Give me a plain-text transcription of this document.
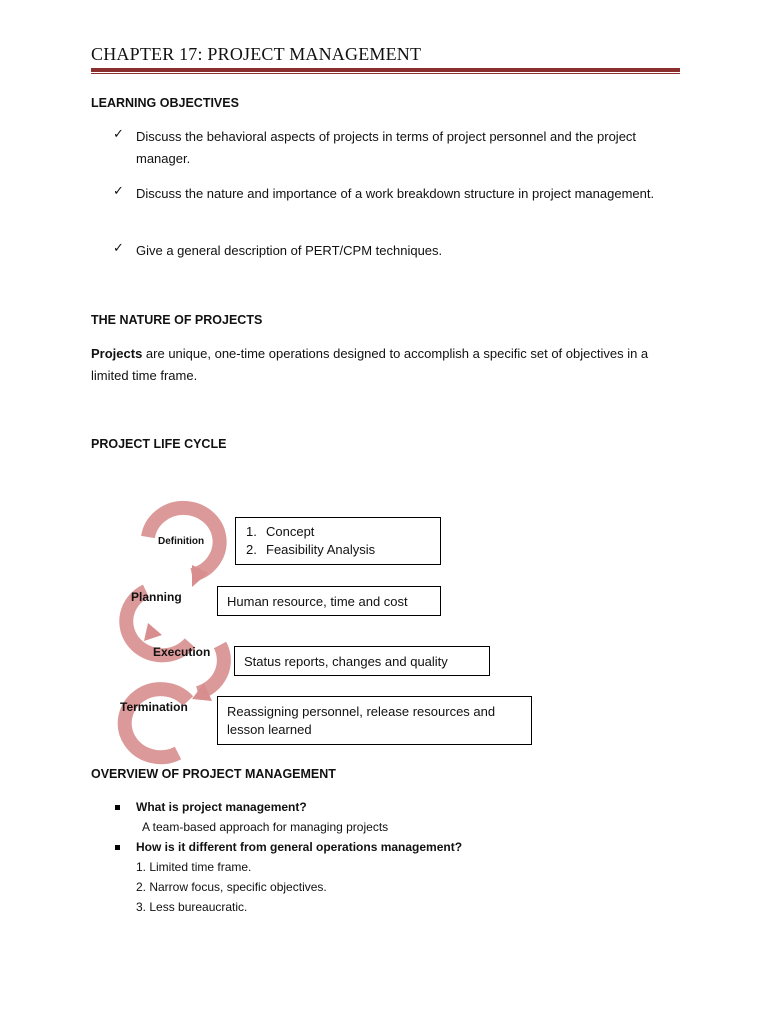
CHAPTER 17: PROJECT MANAGEMENT
LEARNING OBJECTIVES
✓ Discuss the behavioral aspects of projects in terms of project personnel and the project manager.
✓ Discuss the nature and importance of a work breakdown structure in project management.
✓ Give a general description of PERT/CPM techniques.
THE NATURE OF PROJECTS
Projects are unique, one-time operations designed to accomplish a specific set of objectives in a limited time frame.
PROJECT LIFE CYCLE
Definition
Planning
Execution
Termination
1. Concept
2. Feasibility Analysis
Human resource, time and cost
Status reports, changes and quality
Reassigning personnel, release resources and lesson learned
OVERVIEW OF PROJECT MANAGEMENT
What is project management?
A team-based approach for managing projects
How is it different from general operations management?
1. Limited time frame.
2. Narrow focus, specific objectives.
3. Less bureaucratic.
